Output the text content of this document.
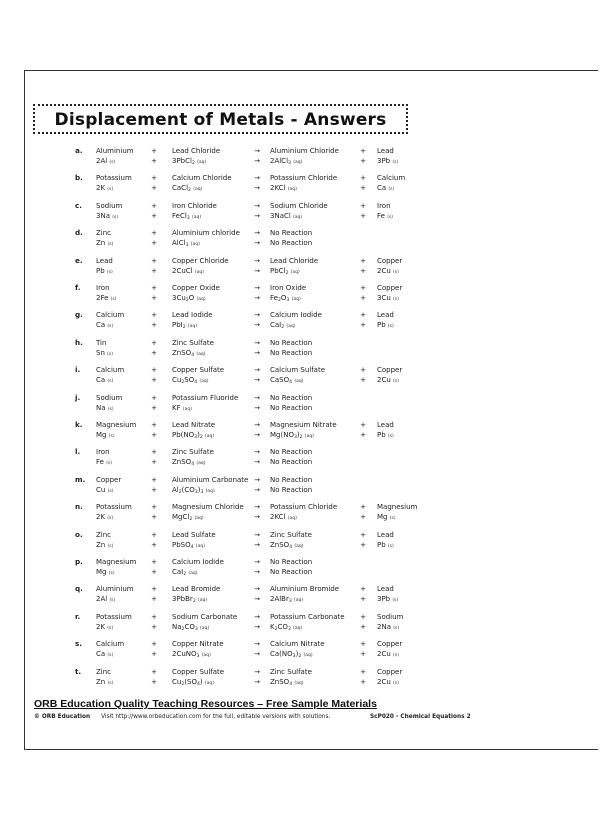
Displacement of Metals - Answers
a. Aluminium
2Al (s)
+
+
Lead Chloride
3PbCl$_2$ (aq)
→
→
Aluminium Chloride
2AlCl$_3$ (aq)
+
+
Lead
3Pb (s)
b. Potassium
2K (s)
+
+
Calcium Chloride
CaCl$_2$ (aq)
→
→
Potassium Chloride
2KCl (aq)
+
+
Calcium
Ca (s)
c. Sodium
3Na (s)
+
+
Iron Chloride
FeCl$_3$ (aq)
→
→
Sodium Chloride
3NaCl (aq)
+
+
Iron
Fe (s)
d. Zinc
Zn (s)
+
+
Aluminium chloride
AlCl$_3$ (aq)
→
→
No Reaction
No Reaction
e. Lead
Pb (s)
+
+
Copper Chloride
2CuCl (aq)
→
→
Lead Chloride
PbCl$_2$ (aq)
+
+
Copper
2Cu (s)
f. Iron
2Fe (s)
+
+
Copper Oxide
$3Cu_2O$ (aq)
→
→
Iron Oxide
$Fe_2O_3$ (aq)
+
+
Copper
3Cu (s)
g. Calcium
Ca (s)
+
+
Lead Iodide
PbI$_2$ (aq)
→
→
Calcium Iodide
CaI$_2$ (aq)
+
+
Lead
Pb (s)
h. Tin
Sn (s)
+
+
Zinc Sulfate
ZnSO$_4$ (aq)
→
→
No Reaction
No Reaction
i. Calcium
Ca (s)
+
+
Copper Sulfate
$Cu_2SO_4$ (aq)
→
→
Calcium Sulfate
CaSO$_4$ (aq)
+
+
Copper
2Cu (s)
j. Sodium
Na (s)
+
+
Potassium Fluoride
KF (aq)
→
→
No Reaction
No Reaction
k. Magnesium
Mg (s)
+
+
Lead Nitrate
$Pb(NO_3)_2$ (aq)
→
→
Magnesium Nitrate
$Mg(NO_3)_2$ (aq)
+
+
Lead
Pb (s)
l. Iron
Fe (s)
+
+
Zinc Sulfate
ZnSO$_4$ (aq)
→
→
No Reaction
No Reaction
m. Copper
Cu (s)
+
+
Aluminium Carbonate
$Al_2(CO_3)_3$ (aq)
→
→
No Reaction
No Reaction
n. Potassium
2K (s)
+
+
Magnesium Chloride
MgCl$_2$ (aq)
→
→
Potassium Chloride
2KCl (aq)
+
+
Magnesium
Mg (s)
o. Zinc
Zn (s)
+
+
Lead Sulfate
PbSO$_4$ (aq)
→
→
Zinc Sulfate
ZnSO$_4$ (aq)
+
+
Lead
Pb (s)
p. Magnesium
Mg (s)
+
+
Calcium Iodide
CaI$_2$ (aq)
→
→
No Reaction
No Reaction
q. Aluminium
2Al (s)
+
+
Lead Bromide
3PbBr$_2$ (aq)
→
→
Aluminium Bromide
2AlBr$_3$ (aq)
+
+
Lead
3Pb (s)
r. Potassium
2K (s)
+
+
Sodium Carbonate
$Na_2CO_3$ (aq)
→
→
Potassium Carbonate
$K_2CO_3$ (aq)
+
+
Sodium
2Na (s)
s. Calcium
Ca (s)
+
+
Copper Nitrate
2CuNO$_3$ (aq)
→
→
Calcium Nitrate
$Ca(NO_3)_2$ (aq)
+
+
Copper
2Cu (s)
t. Zinc
Zn (s)
+
+
Copper Sulfate
$Cu_2(SO_4)$ (aq)
→
→
Zinc Sulfate
ZnSO$_4$ (aq)
+
+
Copper
2Cu (s)
ORB Education Quality Teaching Resources – Free Sample Materials
© ORB Education Visit http://www.orbeducation.com for the full, editable versions with solutions.	ScP020 - Chemical Equations 2
